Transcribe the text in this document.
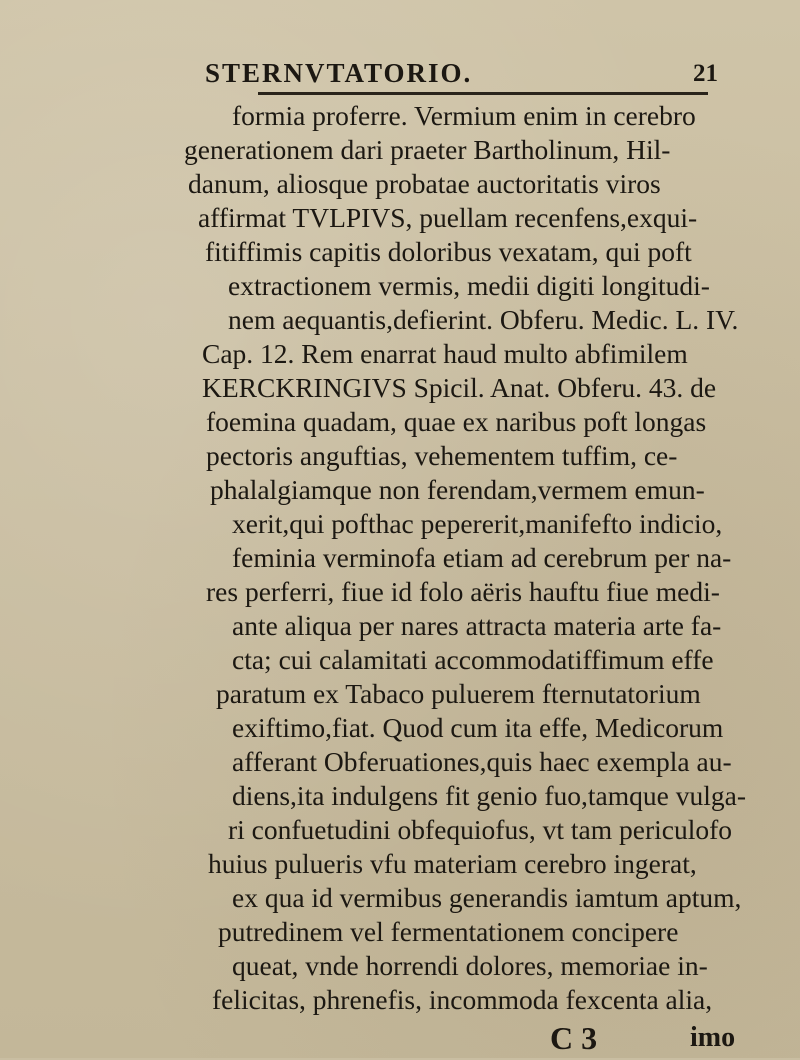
STERNVTATORIO.	21
formia proferre. Vermium enim in cerebro
generationem dari praeter Bartholinum, Hil-
danum, aliosque probatae auctoritatis viros
affirmat TVLPIVS, puellam recenfens,exqui-
fitiffimis capitis doloribus vexatam, qui poft
extractionem vermis, medii digiti longitudi-
nem aequantis,defierint. Obferu. Medic. L. IV.
Cap. 12. Rem enarrat haud multo abfimilem
KERCKRINGIVS Spicil. Anat. Obferu. 43. de
foemina quadam, quae ex naribus poft longas
pectoris anguftias, vehementem tuffim, ce-
phalalgiamque non ferendam,vermem emun-
xerit,qui pofthac pepererit,manifefto indicio,
feminia verminofa etiam ad cerebrum per na-
res perferri, fiue id folo aëris hauftu fiue medi-
ante aliqua per nares attracta materia arte fa-
cta; cui calamitati accommodatiffimum effe
paratum ex Tabaco puluerem fternutatorium
exiftimo,fiat. Quod cum ita effe, Medicorum
afferant Obferuationes,quis haec exempla au-
diens,ita indulgens fit genio fuo,tamque vulga-
ri confuetudini obfequiofus, vt tam periculofo
huius pulueris vfu materiam cerebro ingerat,
ex qua id vermibus generandis iamtum aptum,
putredinem vel fermentationem concipere
queat, vnde horrendi dolores, memoriae in-
felicitas, phrenefis, incommoda fexcenta alia,
C 3	imo
